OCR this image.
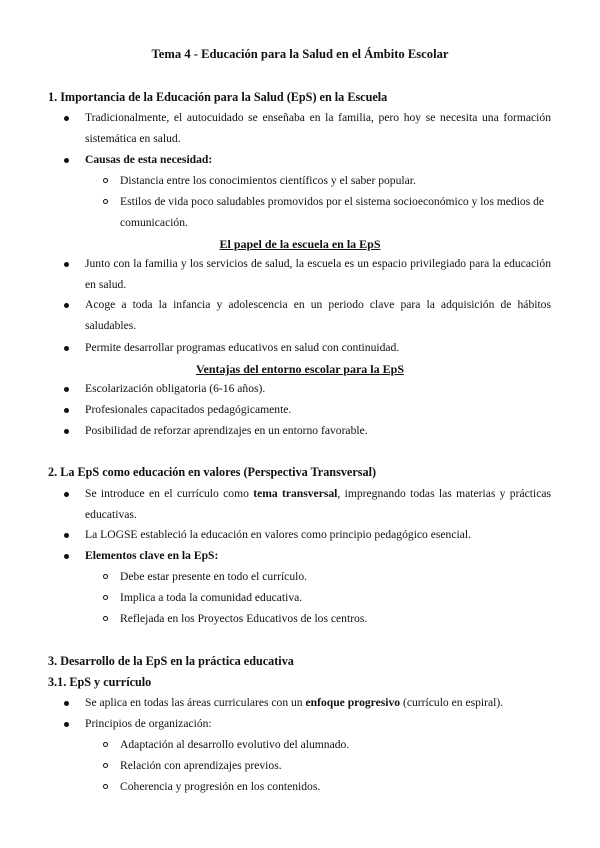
Tema 4 - Educación para la Salud en el Ámbito Escolar
1. Importancia de la Educación para la Salud (EpS) en la Escuela
Tradicionalmente, el autocuidado se enseñaba en la familia, pero hoy se necesita una formación sistemática en salud.
Causas de esta necesidad:
Distancia entre los conocimientos científicos y el saber popular.
Estilos de vida poco saludables promovidos por el sistema socioeconómico y los medios de comunicación.
El papel de la escuela en la EpS
Junto con la familia y los servicios de salud, la escuela es un espacio privilegiado para la educación en salud.
Acoge a toda la infancia y adolescencia en un periodo clave para la adquisición de hábitos saludables.
Permite desarrollar programas educativos en salud con continuidad.
Ventajas del entorno escolar para la EpS
Escolarización obligatoria (6-16 años).
Profesionales capacitados pedagógicamente.
Posibilidad de reforzar aprendizajes en un entorno favorable.
2. La EpS como educación en valores (Perspectiva Transversal)
Se introduce en el currículo como tema transversal, impregnando todas las materias y prácticas educativas.
La LOGSE estableció la educación en valores como principio pedagógico esencial.
Elementos clave en la EpS:
Debe estar presente en todo el currículo.
Implica a toda la comunidad educativa.
Reflejada en los Proyectos Educativos de los centros.
3. Desarrollo de la EpS en la práctica educativa
3.1. EpS y currículo
Se aplica en todas las áreas curriculares con un enfoque progresivo (currículo en espiral).
Principios de organización:
Adaptación al desarrollo evolutivo del alumnado.
Relación con aprendizajes previos.
Coherencia y progresión en los contenidos.
